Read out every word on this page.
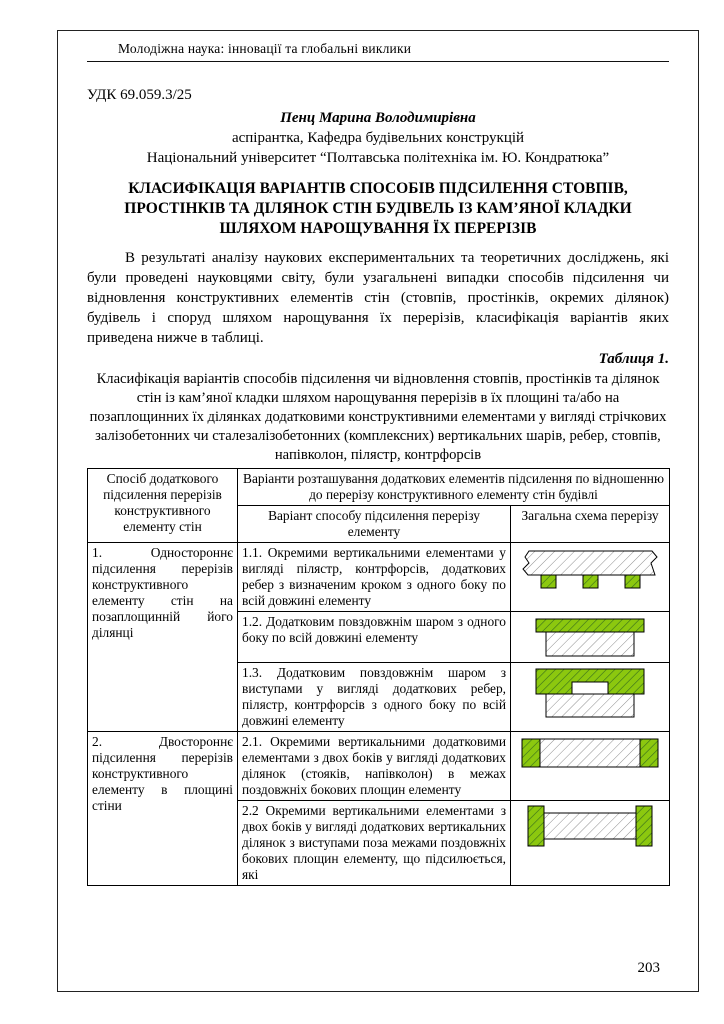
Молодіжна наука: інновації та глобальні виклики

УДК 69.059.3/25

Пенц Марина Володимирівна

аспірантка, Кафедра будівельних конструкцій

Національний університет “Полтавська політехніка ім. Ю. Кондратюка”

КЛАСИФІКАЦІЯ ВАРІАНТІВ СПОСОБІВ ПІДСИЛЕННЯ СТОВПІВ, ПРОСТІНКІВ ТА ДІЛЯНОК СТІН БУДІВЕЛЬ ІЗ КАМ’ЯНОЇ КЛАДКИ ШЛЯХОМ НАРОЩУВАННЯ ЇХ ПЕРЕРІЗІВ

В результаті аналізу наукових експериментальних та теоретичних досліджень, які були проведені науковцями світу, були узагальнені випадки способів підсилення чи відновлення конструктивних елементів стін (стовпів, простінків, окремих ділянок) будівель і споруд шляхом нарощування їх перерізів, класифікація варіантів яких приведена нижче в таблиці.

Таблиця 1.

Класифікація варіантів способів підсилення чи відновлення стовпів, простінків та ділянок стін із кам’яної кладки шляхом нарощування перерізів в їх площині та/або на позаплощинних їх ділянках додатковими конструктивними елементами у вигляді стрічкових залізобетонних чи сталезалізобетонних (комплексних) вертикальних шарів, ребер, стовпів, напівколон, пілястр, контрфорсів

Спосіб додаткового підсилення перерізів конструктивного елементу стін	Варіанти розташування додаткових елементів підсилення по відношенню до перерізу конструктивного елементу стін будівлі	
	Варіант способу підсилення перерізу елементу	Загальна схема перерізу
1. Одностороннє підсилення перерізів конструктивного елементу стін на позаплощинній його ділянці	1.1. Окремими вертикальними елементами у вигляді пілястр, контрфорсів, додаткових ребер з визначеним кроком з одного боку по всій довжині елементу	
	1.2. Додатковим повздовжнім шаром з одного боку по всій довжині елементу	
	1.3. Додатковим повздовжнім шаром з виступами у вигляді додаткових ребер, пілястр, контрфорсів з одного боку по всій довжині елементу	
2. Двостороннє підсилення перерізів конструктивного елементу в площині стіни	2.1. Окремими вертикальними додатковими елементами з двох боків у вигляді додаткових ділянок (стояків, напівколон) в межах поздовжніх бокових площин елементу	
	2.2 Окремими вертикальними елементами з двох боків у вигляді додаткових вертикальних ділянок з виступами поза межами поздовжніх бокових площин елементу, що підсилюється, які	
203
